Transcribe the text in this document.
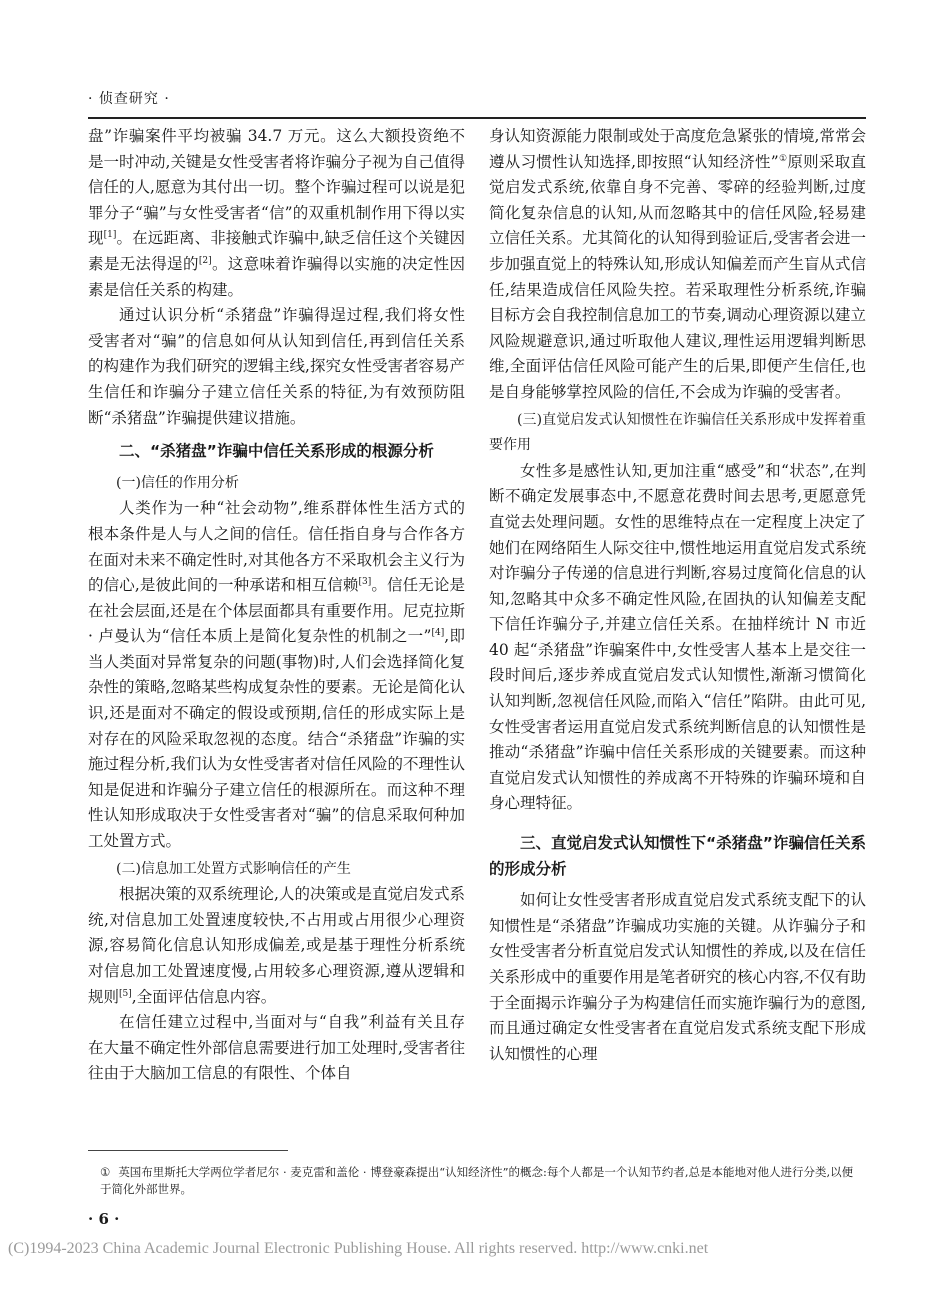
· 侦查研究 ·

盘”诈骗案件平均被骗 34.7 万元。这么大额投资绝不是一时冲动,关键是女性受害者将诈骗分子视为自己值得信任的人,愿意为其付出一切。整个诈骗过程可以说是犯罪分子“骗”与女性受害者“信”的双重机制作用下得以实现[1]。在远距离、非接触式诈骗中,缺乏信任这个关键因素是无法得逞的[2]。这意味着诈骗得以实施的决定性因素是信任关系的构建。

通过认识分析“杀猪盘”诈骗得逞过程,我们将女性受害者对“骗”的信息如何从认知到信任,再到信任关系的构建作为我们研究的逻辑主线,探究女性受害者容易产生信任和诈骗分子建立信任关系的特征,为有效预防阻断“杀猪盘”诈骗提供建议措施。

二、“杀猪盘”诈骗中信任关系形成的根源分析
(一)信任的作用分析

人类作为一种“社会动物”,维系群体性生活方式的根本条件是人与人之间的信任。信任指自身与合作各方在面对未来不确定性时,对其他各方不采取机会主义行为的信心,是彼此间的一种承诺和相互信赖[3]。信任无论是在社会层面,还是在个体层面都具有重要作用。尼克拉斯 · 卢曼认为“信任本质上是简化复杂性的机制之一”[4],即当人类面对异常复杂的问题(事物)时,人们会选择简化复杂性的策略,忽略某些构成复杂性的要素。无论是简化认识,还是面对不确定的假设或预期,信任的形成实际上是对存在的风险采取忽视的态度。结合“杀猪盘”诈骗的实施过程分析,我们认为女性受害者对信任风险的不理性认知是促进和诈骗分子建立信任的根源所在。而这种不理性认知形成取决于女性受害者对“骗”的信息采取何种加工处置方式。

(二)信息加工处置方式影响信任的产生

根据决策的双系统理论,人的决策或是直觉启发式系统,对信息加工处置速度较快,不占用或占用很少心理资源,容易简化信息认知形成偏差,或是基于理性分析系统对信息加工处置速度慢,占用较多心理资源,遵从逻辑和规则[5],全面评估信息内容。

在信任建立过程中,当面对与“自我”利益有关且存在大量不确定性外部信息需要进行加工处理时,受害者往往由于大脑加工信息的有限性、个体自

身认知资源能力限制或处于高度危急紧张的情境,常常会遵从习惯性认知选择,即按照“认知经济性”①原则采取直觉启发式系统,依靠自身不完善、零碎的经验判断,过度简化复杂信息的认知,从而忽略其中的信任风险,轻易建立信任关系。尤其简化的认知得到验证后,受害者会进一步加强直觉上的特殊认知,形成认知偏差而产生盲从式信任,结果造成信任风险失控。若采取理性分析系统,诈骗目标方会自我控制信息加工的节奏,调动心理资源以建立风险规避意识,通过听取他人建议,理性运用逻辑判断思维,全面评估信任风险可能产生的后果,即便产生信任,也是自身能够掌控风险的信任,不会成为诈骗的受害者。

(三)直觉启发式认知惯性在诈骗信任关系形成中发挥着重要作用

女性多是感性认知,更加注重“感受”和“状态”,在判断不确定发展事态中,不愿意花费时间去思考,更愿意凭直觉去处理问题。女性的思维特点在一定程度上决定了她们在网络陌生人际交往中,惯性地运用直觉启发式系统对诈骗分子传递的信息进行判断,容易过度简化信息的认知,忽略其中众多不确定性风险,在固执的认知偏差支配下信任诈骗分子,并建立信任关系。在抽样统计 N 市近 40 起“杀猪盘”诈骗案件中,女性受害人基本上是交往一段时间后,逐步养成直觉启发式认知惯性,渐渐习惯简化认知判断,忽视信任风险,而陷入“信任”陷阱。由此可见,女性受害者运用直觉启发式系统判断信息的认知惯性是推动“杀猪盘”诈骗中信任关系形成的关键要素。而这种直觉启发式认知惯性的养成离不开特殊的诈骗环境和自身心理特征。

三、直觉启发式认知惯性下“杀猪盘”诈骗信任关系的形成分析

如何让女性受害者形成直觉启发式系统支配下的认知惯性是“杀猪盘”诈骗成功实施的关键。从诈骗分子和女性受害者分析直觉启发式认知惯性的养成,以及在信任关系形成中的重要作用是笔者研究的核心内容,不仅有助于全面揭示诈骗分子为构建信任而实施诈骗行为的意图,而且通过确定女性受害者在直觉启发式系统支配下形成认知惯性的心理

① 英国布里斯托大学两位学者尼尔 · 麦克雷和盖伦 · 博登豪森提出“认知经济性”的概念:每个人都是一个认知节约者,总是本能地对他人进行分类,以便于简化外部世界。
· 6 ·
(C)1994-2023 China Academic Journal Electronic Publishing House. All rights reserved. http://www.cnki.net
